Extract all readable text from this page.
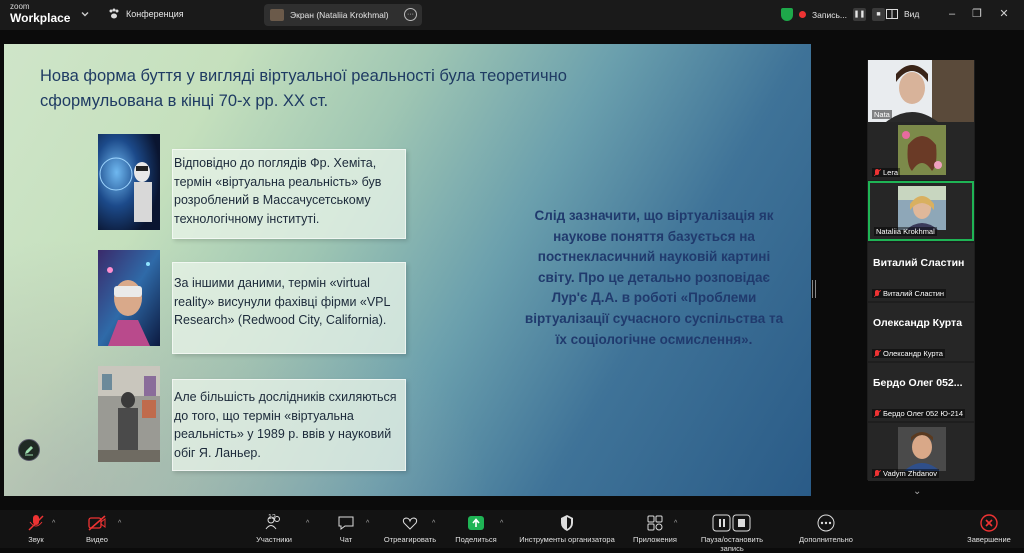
zoom
Workplace	Конференция	Экран (Nataliia Krokhmal)	···	Запись... ❚❚	■	Вид	–	❐	✕
Нова форма буття у вигляді віртуальної реальності була теоретично сформульована в кінці 70-х рр. ХХ ст.
Відповідно до поглядів Фр. Хеміта, термін «віртуальна реальність» був розроблений в Массачусетському технологічному інституті.
За іншими даними, термін «virtual reality» висунули фахівці фірми «VPL Research» (Redwood City, California).
Але більшість дослідників схиляються до того, що термін «віртуальна реальність» у 1989 р. ввів у науковий обіг Я. Ланьер.
Слід зазначити, що віртуалізація як наукове поняття базується на постнекласичний науковій картині світу. Про це детально розповідає Лур'є Д.А. в роботі «Проблеми віртуалізації сучасного суспільства та їх соціологічне осмислення».
Nata
Lera
Nataliia Krokhmal
Виталий Сластин
Виталий Сластин
Олександр Курта
Олександр Курта
Бердо Олег 052...
Бердо Олег 052 Ю-214
Vadym Zhdanov
⌄
Звук
^
Видео
^
12
Участники
^
Чат
^
Отреагировать
^
Поделиться
^
Инструменты организатора	Приложения
^
Пауза/остановить запись
Дополнительно	Завершение
